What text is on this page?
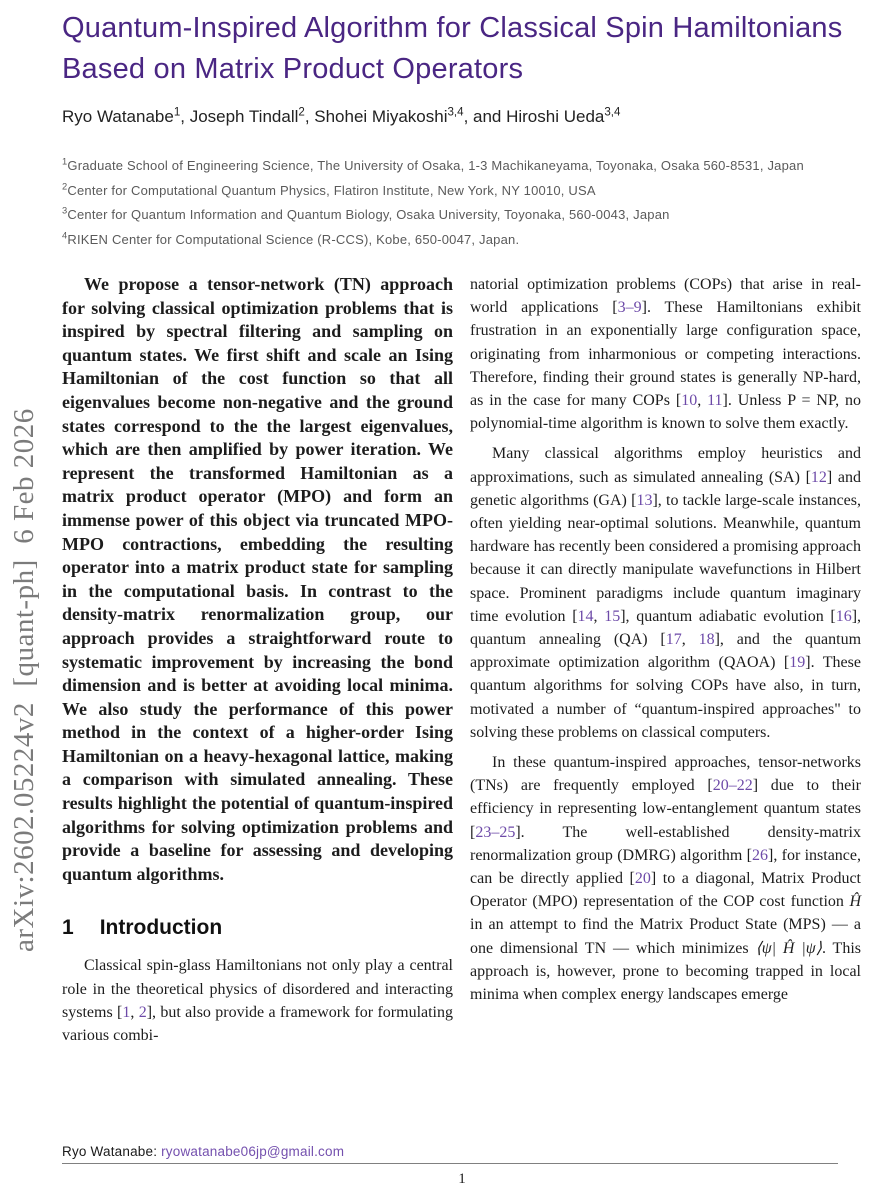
arXiv:2602.05224v2  [quant-ph]  6 Feb 2026
Quantum-Inspired Algorithm for Classical Spin Hamiltonians
Based on Matrix Product Operators
Ryo Watanabe$^1$, Joseph Tindall$^2$, Shohei Miyakoshi$^{3,4}$, and Hiroshi Ueda$^{3,4}$
$^1$Graduate School of Engineering Science, The University of Osaka, 1-3 Machikaneyama, Toyonaka, Osaka 560-8531, Japan
$^2$Center for Computational Quantum Physics, Flatiron Institute, New York, NY 10010, USA
$^3$Center for Quantum Information and Quantum Biology, Osaka University, Toyonaka, 560-0043, Japan
$^4$RIKEN Center for Computational Science (R-CCS), Kobe, 650-0047, Japan.

We propose a tensor-network (TN) approach for solving classical optimization problems that is inspired by spectral filtering and sampling on quantum states. We first shift and scale an Ising Hamiltonian of the cost function so that all eigenvalues become non-negative and the ground states correspond to the the largest eigenvalues, which are then amplified by power iteration. We represent the transformed Hamiltonian as a matrix product operator (MPO) and form an immense power of this object via truncated MPO-MPO contractions, embedding the resulting operator into a matrix product state for sampling in the computational basis. In contrast to the density-matrix renormalization group, our approach provides a straightforward route to systematic improvement by increasing the bond dimension and is better at avoiding local minima. We also study the performance of this power method in the context of a higher-order Ising Hamiltonian on a heavy-hexagonal lattice, making a comparison with simulated annealing. These results highlight the potential of quantum-inspired algorithms for solving optimization problems and provide a baseline for assessing and developing quantum algorithms.

1 Introduction

Classical spin-glass Hamiltonians not only play a central role in the theoretical physics of disordered and interacting systems [1, 2], but also provide a framework for formulating various combi-

Ryo Watanabe: ryowatanabe06jp@gmail.com

natorial optimization problems (COPs) that arise in real-world applications [3–9]. These Hamiltonians exhibit frustration in an exponentially large configuration space, originating from inharmonious or competing interactions. Therefore, finding their ground states is generally NP-hard, as in the case for many COPs [10, 11]. Unless P = NP, no polynomial-time algorithm is known to solve them exactly.

Many classical algorithms employ heuristics and approximations, such as simulated annealing (SA) [12] and genetic algorithms (GA) [13], to tackle large-scale instances, often yielding near-optimal solutions. Meanwhile, quantum hardware has recently been considered a promising approach because it can directly manipulate wavefunctions in Hilbert space. Prominent paradigms include quantum imaginary time evolution [14, 15], quantum adiabatic evolution [16], quantum annealing (QA) [17, 18], and the quantum approximate optimization algorithm (QAOA) [19]. These quantum algorithms for solving COPs have also, in turn, motivated a number of “quantum-inspired approaches" to solving these problems on classical computers.

In these quantum-inspired approaches, tensor-networks (TNs) are frequently employed [20–22] due to their efficiency in representing low-entanglement quantum states [23–25]. The well-established density-matrix renormalization group (DMRG) algorithm [26], for instance, can be directly applied [20] to a diagonal, Matrix Product Operator (MPO) representation of the COP cost function Ĥ in an attempt to find the Matrix Product State (MPS) — a one dimensional TN — which minimizes ⟨ψ| Ĥ |ψ⟩. This approach is, however, prone to becoming trapped in local minima when complex energy landscapes emerge

1
